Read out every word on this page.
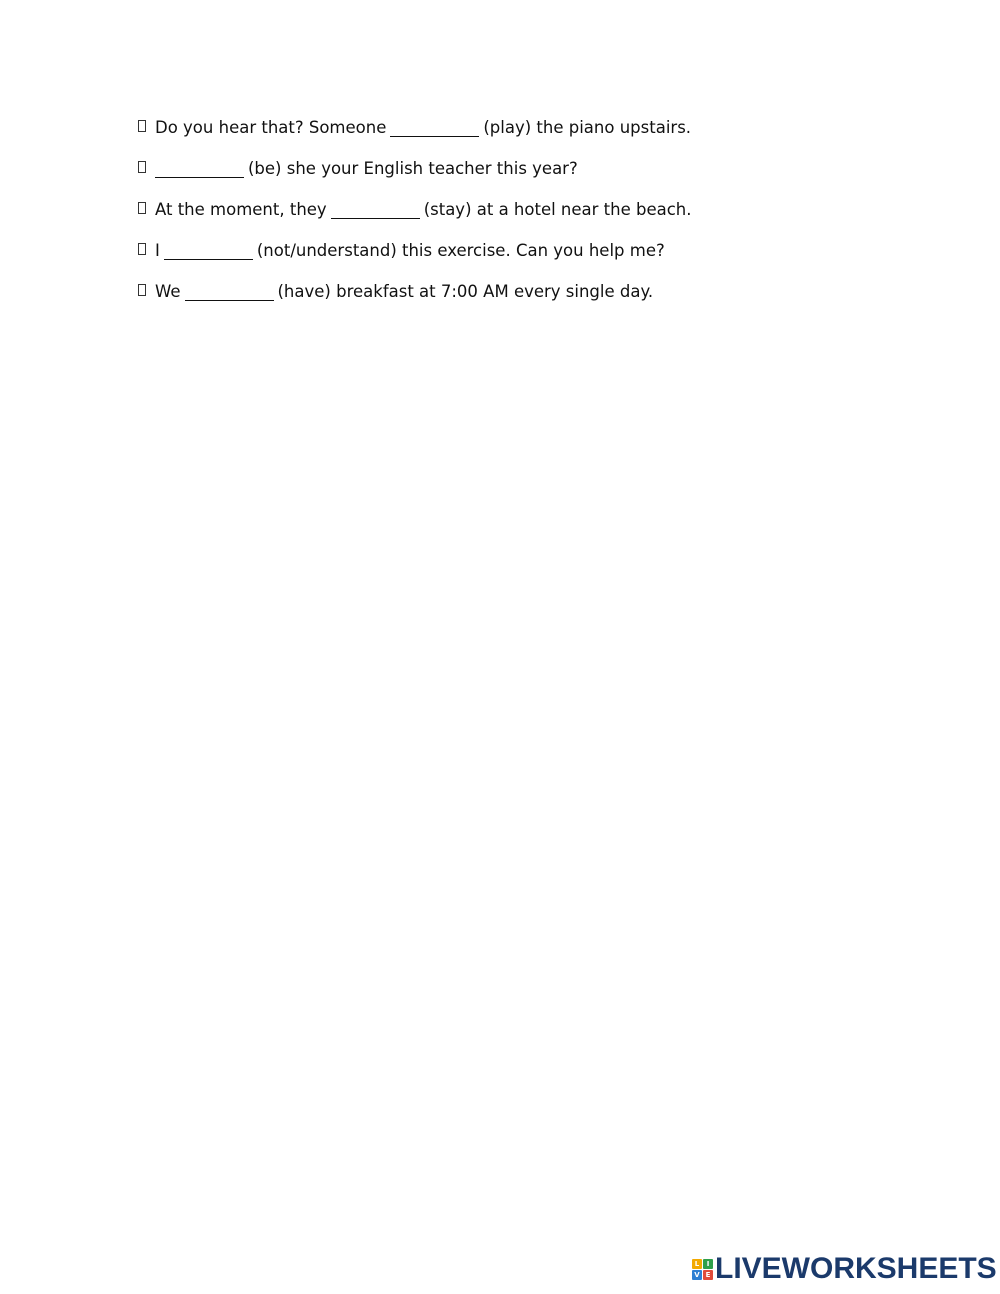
Do you hear that? Someone	(play) the piano upstairs.
(be) she your English teacher this year?
At the moment, they	(stay) at a hotel near the beach.
I	(not/understand) this exercise. Can you help me?
We	(have) breakfast at 7:00 AM every single day.
L	I
V E LIVEWORKSHEETS
